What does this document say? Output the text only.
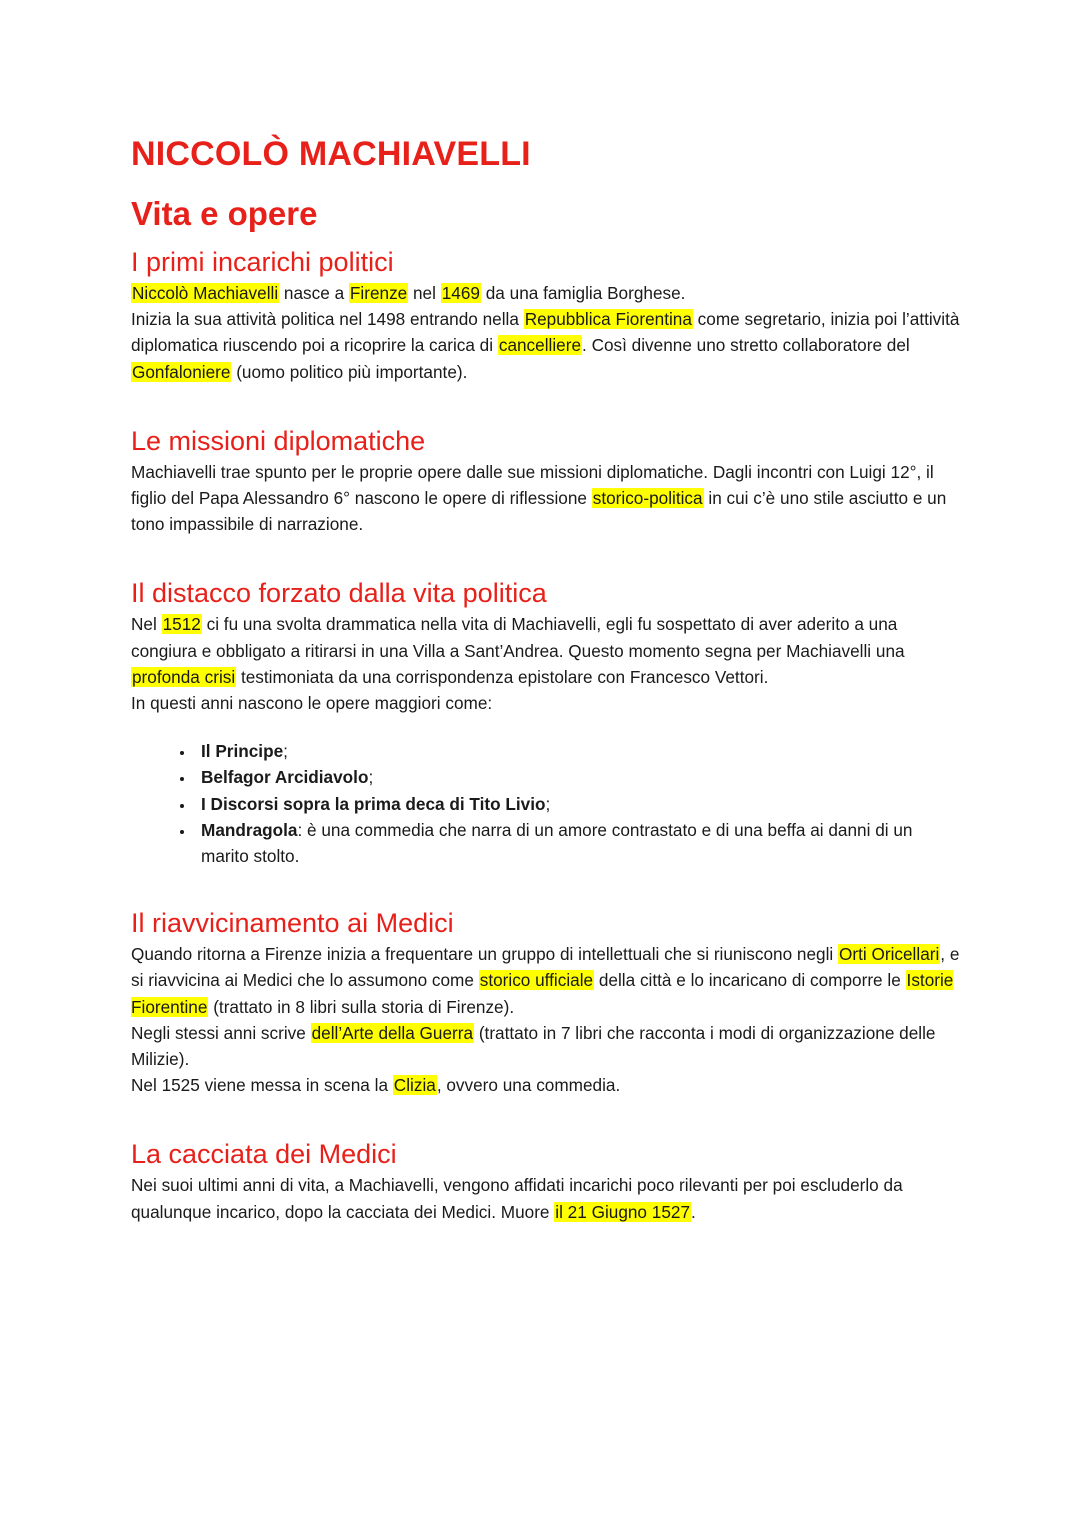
NICCOLÒ MACHIAVELLI
Vita e opere
I primi incarichi politici

Niccolò Machiavelli nasce a Firenze nel 1469 da una famiglia Borghese.

Inizia la sua attività politica nel 1498 entrando nella Repubblica Fiorentina come segretario, inizia poi l’attività diplomatica riuscendo poi a ricoprire la carica di cancelliere. Così divenne uno stretto collaboratore del Gonfaloniere (uomo politico più importante).

Le missioni diplomatiche

Machiavelli trae spunto per le proprie opere dalle sue missioni diplomatiche. Dagli incontri con Luigi 12°, il figlio del Papa Alessandro 6° nascono le opere di riflessione storico-politica in cui c’è uno stile asciutto e un tono impassibile di narrazione.

Il distacco forzato dalla vita politica

Nel 1512 ci fu una svolta drammatica nella vita di Machiavelli, egli fu sospettato di aver aderito a una congiura e obbligato a ritirarsi in una Villa a Sant’Andrea. Questo momento segna per Machiavelli una profonda crisi testimoniata da una corrispondenza epistolare con Francesco Vettori.

In questi anni nascono le opere maggiori come:

• Il Principe;
• Belfagor Arcidiavolo;
• I Discorsi sopra la prima deca di Tito Livio;
• Mandragola: è una commedia che narra di un amore contrastato e di una beffa ai danni di un marito stolto.
Il riavvicinamento ai Medici

Quando ritorna a Firenze inizia a frequentare un gruppo di intellettuali che si riuniscono negli Orti Oricellari, e si riavvicina ai Medici che lo assumono come storico ufficiale della città e lo incaricano di comporre le Istorie Fiorentine (trattato in 8 libri sulla storia di Firenze).

Negli stessi anni scrive dell’Arte della Guerra (trattato in 7 libri che racconta i modi di organizzazione delle Milizie).

Nel 1525 viene messa in scena la Clizia, ovvero una commedia.

La cacciata dei Medici

Nei suoi ultimi anni di vita, a Machiavelli, vengono affidati incarichi poco rilevanti per poi escluderlo da qualunque incarico, dopo la cacciata dei Medici. Muore il 21 Giugno 1527.
